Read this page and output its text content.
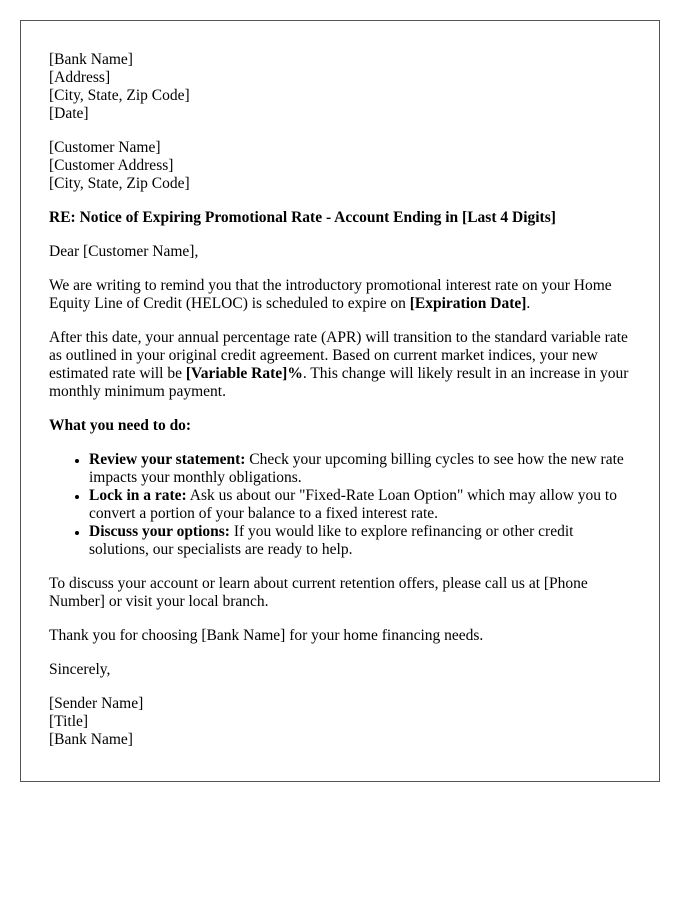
[Bank Name]
[Address]
[City, State, Zip Code]
[Date]
[Customer Name]
[Customer Address]
[City, State, Zip Code]

RE: Notice of Expiring Promotional Rate - Account Ending in [Last 4 Digits]

Dear [Customer Name],

We are writing to remind you that the introductory promotional interest rate on your Home Equity Line of Credit (HELOC) is scheduled to expire on [Expiration Date].

After this date, your annual percentage rate (APR) will transition to the standard variable rate as outlined in your original credit agreement. Based on current market indices, your new estimated rate will be [Variable Rate]%. This change will likely result in an increase in your monthly minimum payment.

What you need to do:

• Review your statement: Check your upcoming billing cycles to see how the new rate impacts your monthly obligations.
• Lock in a rate: Ask us about our "Fixed-Rate Loan Option" which may allow you to convert a portion of your balance to a fixed interest rate.
• Discuss your options: If you would like to explore refinancing or other credit solutions, our specialists are ready to help.

To discuss your account or learn about current retention offers, please call us at [Phone Number] or visit your local branch.

Thank you for choosing [Bank Name] for your home financing needs.

Sincerely,

[Sender Name]
[Title]
[Bank Name]
